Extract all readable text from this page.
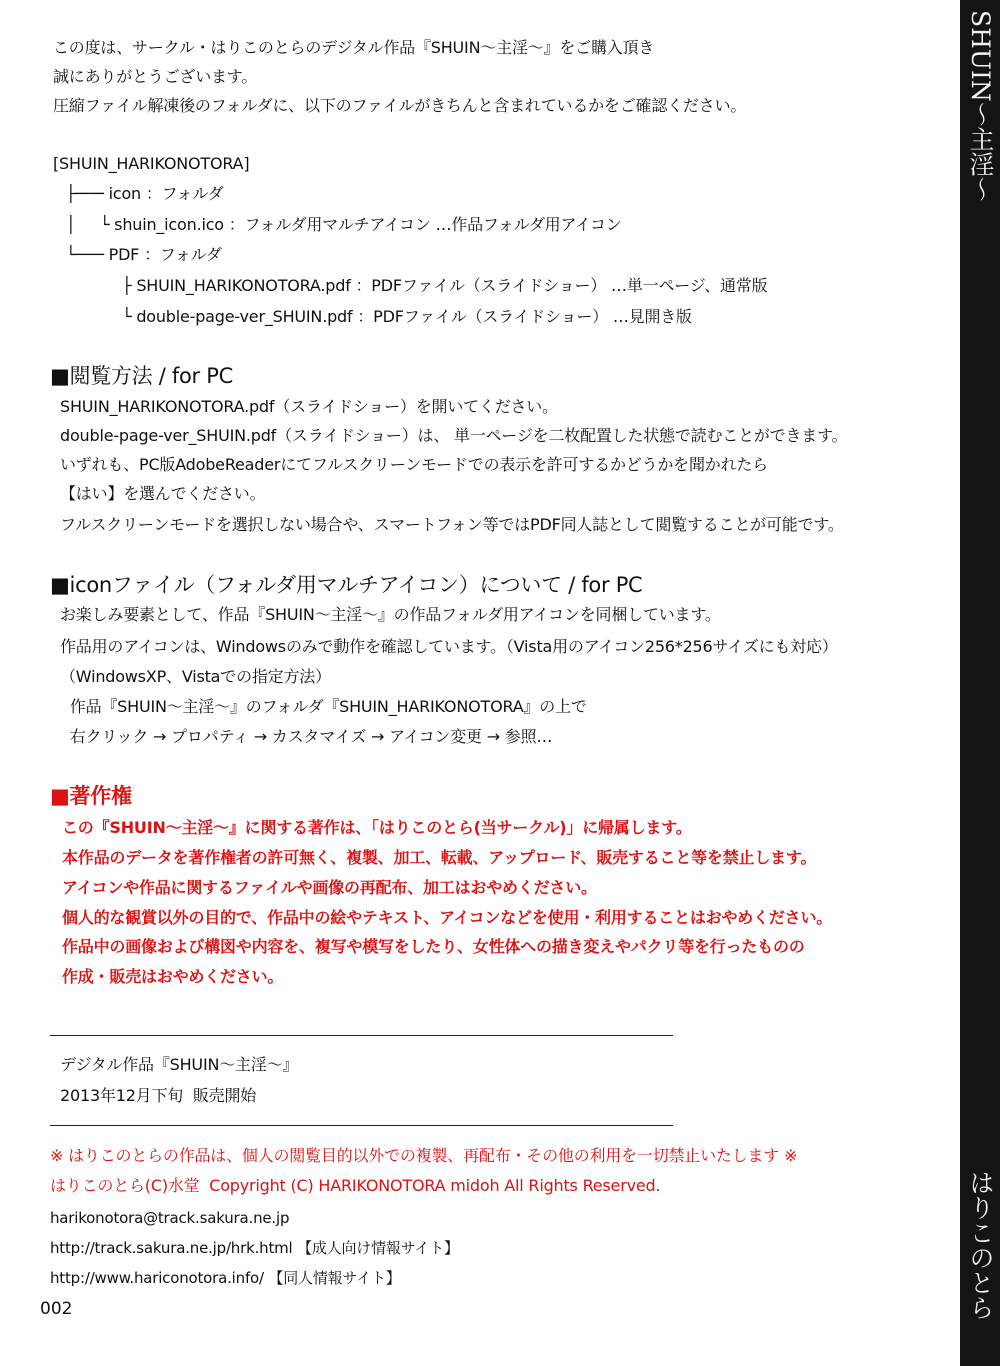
この度は、サークル・はりこのとらのデジタル作品『SHUIN～主淫～』をご購入頂き
誠にありがとうございます。
圧縮ファイル解凍後のフォルダに、以下のファイルがきちんと含まれているかをご確認ください。
[SHUIN_HARIKONOTORA]
├─── icon ：フォルダ
│     └ shuin_icon.ico ：フォルダ用マルチアイコン …作品フォルダ用アイコン
└─── PDF ：フォルダ
├ SHUIN_HARIKONOTORA.pdf ：PDFファイル（スライドショー） …単一ページ、通常版
└ double-page-ver_SHUIN.pdf ：PDFファイル（スライドショー） …見開き版
■閲覧方法 / for PC
SHUIN_HARIKONOTORA.pdf（スライドショー）を開いてください。
double-page-ver_SHUIN.pdf（スライドショー）は、 単一ページを二枚配置した状態で読むことができます。
いずれも、PC版AdobeReaderにてフルスクリーンモードでの表示を許可するかどうかを聞かれたら
【はい】を選んでください。
フルスクリーンモードを選択しない場合や、スマートフォン等ではPDF同人誌として閲覧することが可能です。
■iconファイル（フォルダ用マルチアイコン）について / for PC
お楽しみ要素として、作品『SHUIN～主淫～』の作品フォルダ用アイコンを同梱しています。
作品用のアイコンは、Windowsのみで動作を確認しています。（Vista用のアイコン256*256サイズにも対応）
（WindowsXP、Vistaでの指定方法）
作品『SHUIN～主淫～』のフォルダ『SHUIN_HARIKONOTORA』の上で
右クリック → プロパティ → カスタマイズ → アイコン変更 → 参照…
■著作権
この『SHUIN～主淫～』に関する著作は、「はりこのとら(当サークル)」に帰属します。
本作品のデータを著作権者の許可無く、複製、加工、転載、アップロード、販売すること等を禁止します。
アイコンや作品に関するファイルや画像の再配布、加工はおやめください。
個人的な観賞以外の目的で、作品中の絵やテキスト、アイコンなどを使用・利用することはおやめください。
作品中の画像および構図や内容を、複写や模写をしたり、女性体への描き変えやパクリ等を行ったものの
作成・販売はおやめください。
デジタル作品『SHUIN～主淫～』
2013年12月下旬  販売開始
※ はりこのとらの作品は、個人の閲覧目的以外での複製、再配布・その他の利用を一切禁止いたします ※
はりこのとら(C)水堂  Copyright (C) HARIKONOTORA midoh All Rights Reserved.
harikonotora@track.sakura.ne.jp
http://track.sakura.ne.jp/hrk.html 【成人向け情報サイト】
http://www.hariconotora.info/ 【同人情報サイト】
002
SHUIN～主淫～
はりこのとら
